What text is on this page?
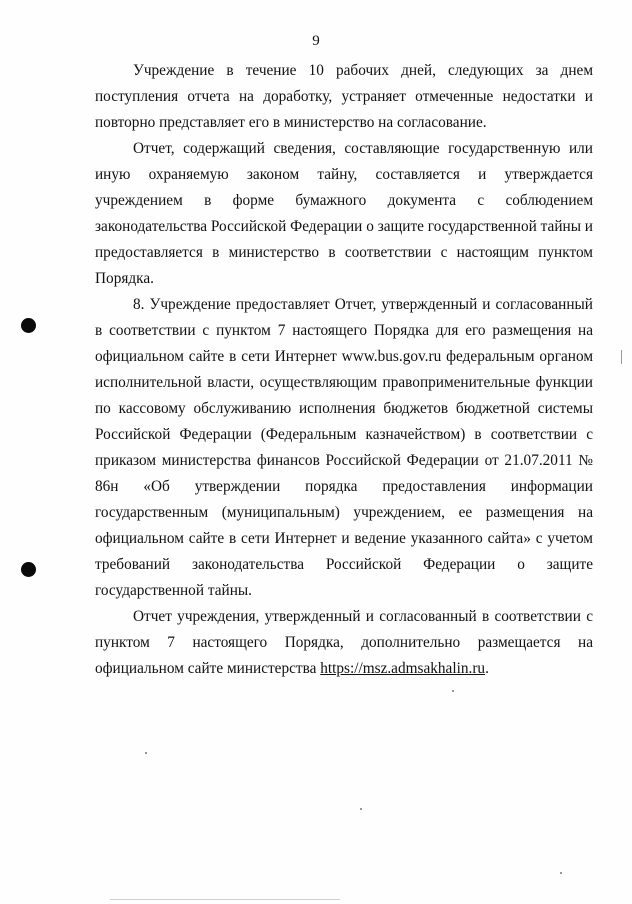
9

Учреждение в течение 10 рабочих дней, следующих за днем поступления отчета на доработку, устраняет отмеченные недостатки и повторно представляет его в министерство на согласование.

Отчет, содержащий сведения, составляющие государственную или иную охраняемую законом тайну, составляется и утверждается учреждением в форме бумажного документа с соблюдением законодательства Российской Федерации о защите государственной тайны и предоставляется в министерство в соответствии с настоящим пунктом Порядка.

8. Учреждение предоставляет Отчет, утвержденный и согласованный в соответствии с пунктом 7 настоящего Порядка для его размещения на официальном сайте в сети Интернет www.bus.gov.ru федеральным органом исполнительной власти, осуществляющим правоприменительные функции по кассовому обслуживанию исполнения бюджетов бюджетной системы Российской Федерации (Федеральным казначейством) в соответствии с приказом министерства финансов Российской Федерации от 21.07.2011 № 86н «Об утверждении порядка предоставления информации государственным (муниципальным) учреждением, ее размещения на официальном сайте в сети Интернет и ведение указанного сайта» с учетом требований законодательства Российской Федерации о защите государственной тайны.

Отчет учреждения, утвержденный и согласованный в соответствии с пунктом 7 настоящего Порядка, дополнительно размещается на официальном сайте министерства https://msz.admsakhalin.ru.
